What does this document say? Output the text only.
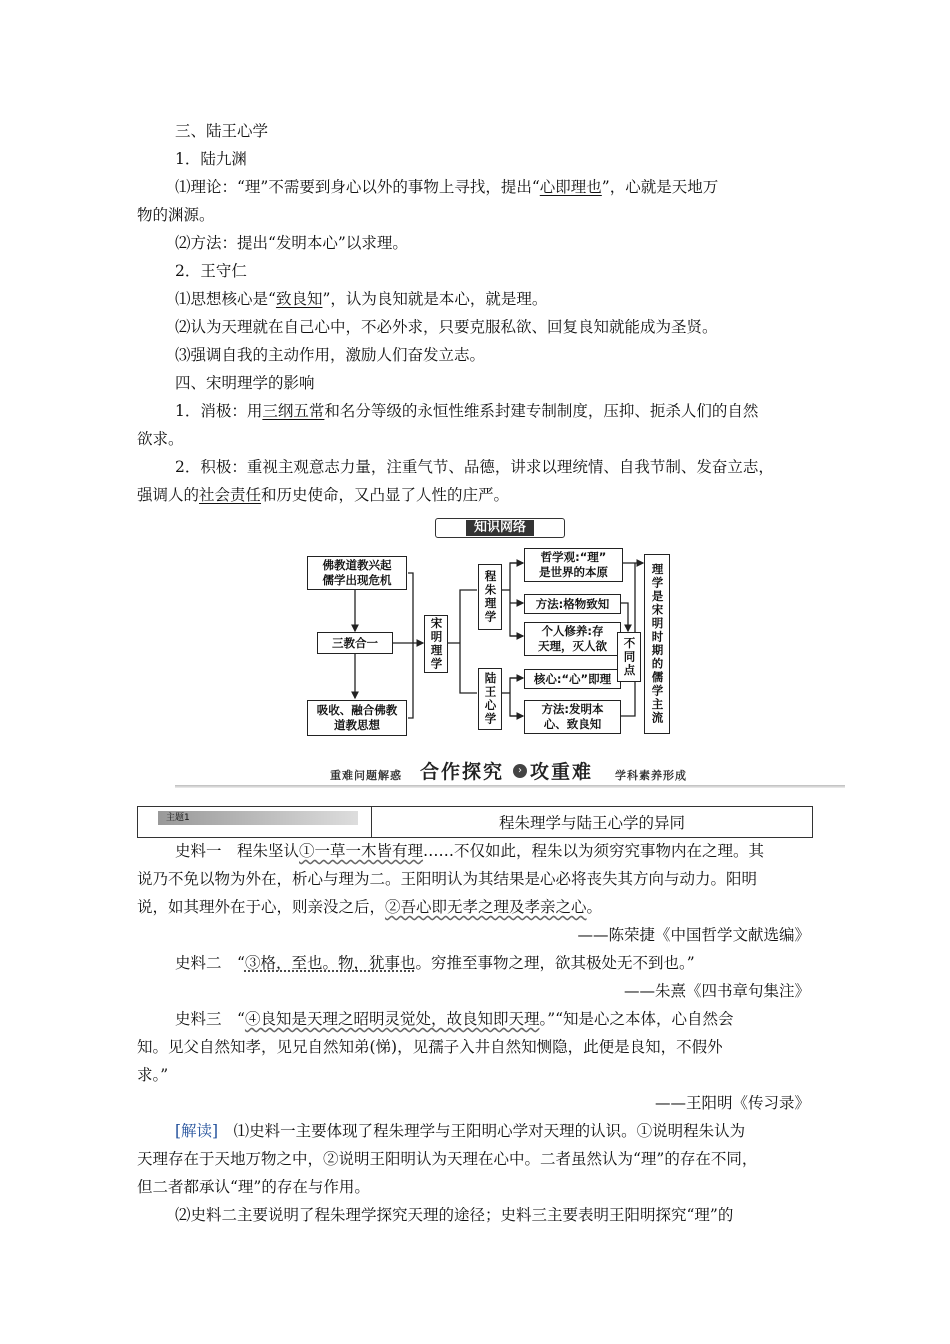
三、陆王心学
1．陆九渊
⑴理论：“理”不需要到身心以外的事物上寻找，提出“心即理也”，心就是天地万
物的渊源。
⑵方法：提出“发明本心”以求理。
2．王守仁
⑴思想核心是“致良知”，认为良知就是本心，就是理。
⑵认为天理就在自己心中，不必外求，只要克服私欲、回复良知就能成为圣贤。
⑶强调自我的主动作用，激励人们奋发立志。
四、宋明理学的影响
1．消极：用三纲五常和名分等级的永恒性维系封建专制制度，压抑、扼杀人们的自然
欲求。
2．积极：重视主观意志力量，注重气节、品德，讲求以理统情、自我节制、发奋立志，
强调人的社会责任和历史使命，又凸显了人性的庄严。
知识网络
佛教道教兴起
儒学出现危机
三教合一
吸收、融合佛教
道教思想
宋明理学
程朱理学
陆王心学
哲学观:“理”
是世界的本原
方法:格物致知
个人修养:存
天理，灭人欲
核心:“心”即理
方法:发明本
心、致良知
不同点 理学是宋明时期的儒学主流
重难问题解惑 合作探究	› 攻重难 学科素养形成
主题1	程朱理学与陆王心学的异同
史料一　程朱坚认①一草一木皆有理……不仅如此，程朱以为须穷究事物内在之理。其
说乃不免以物为外在，析心与理为二。王阳明认为其结果是心必将丧失其方向与动力。阳明
说，如其理外在于心，则亲没之后，②吾心即无孝之理及孝亲之心。
——陈荣捷《中国哲学文献选编》
史料二　“③格，至也。物，犹事也。穷推至事物之理，欲其极处无不到也。”
——朱熹《四书章句集注》
史料三　“④良知是天理之昭明灵觉处，故良知即天理。”“知是心之本体，心自然会
知。见父自然知孝，见兄自然知弟(悌)，见孺子入井自然知恻隐，此便是良知，不假外
求。”
——王阳明《传习录》
[解读]　⑴史料一主要体现了程朱理学与王阳明心学对天理的认识。①说明程朱认为
天理存在于天地万物之中，②说明王阳明认为天理在心中。二者虽然认为“理”的存在不同，
但二者都承认“理”的存在与作用。
⑵史料二主要说明了程朱理学探究天理的途径；史料三主要表明王阳明探究“理”的
